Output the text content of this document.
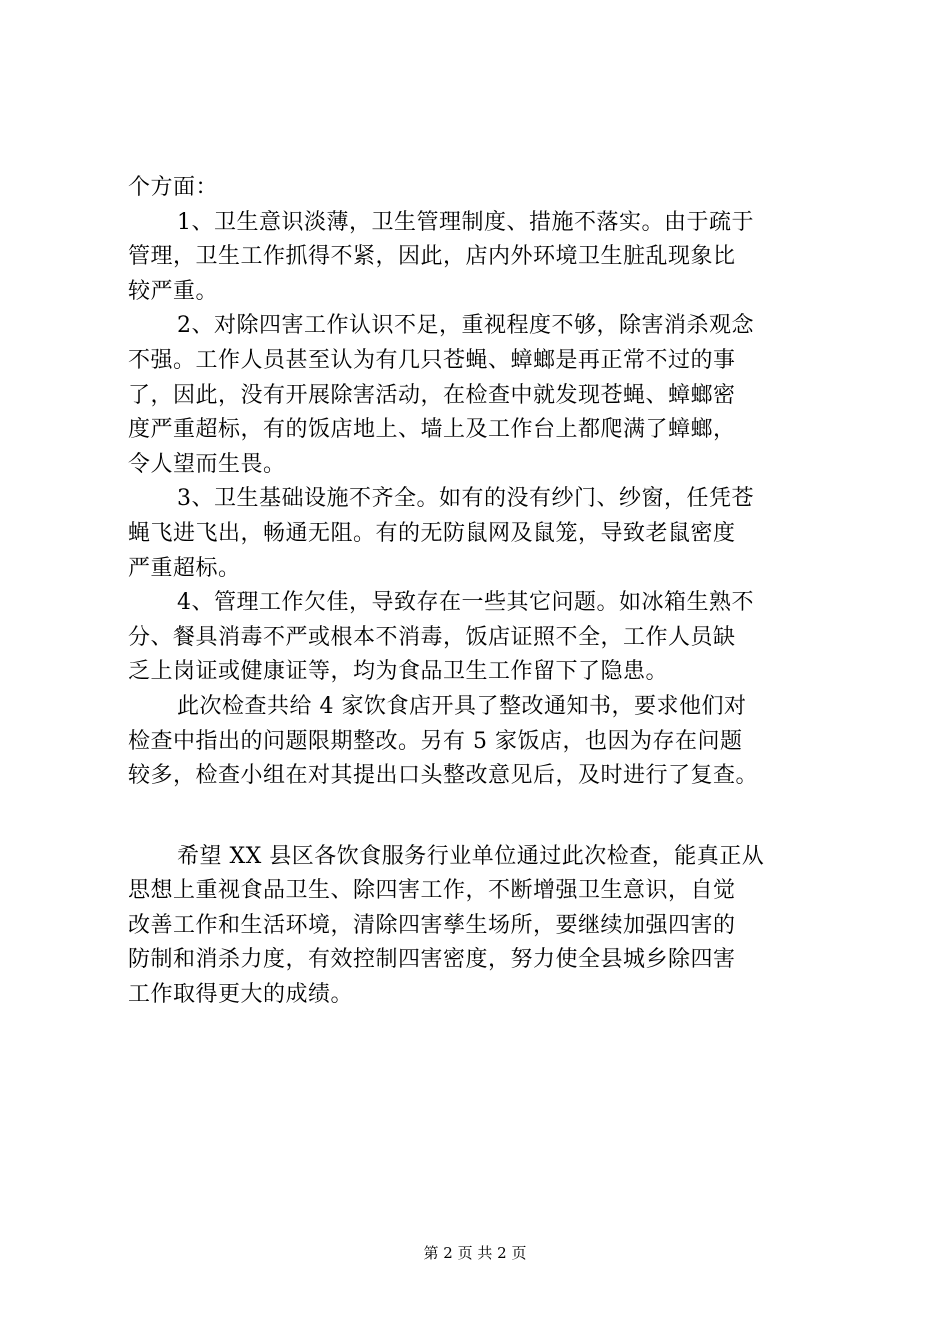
个方面：
1、卫生意识淡薄，卫生管理制度、措施不落实。由于疏于
管理，卫生工作抓得不紧，因此，店内外环境卫生脏乱现象比
较严重。
2、对除四害工作认识不足，重视程度不够，除害消杀观念
不强。工作人员甚至认为有几只苍蝇、蟑螂是再正常不过的事
了，因此，没有开展除害活动，在检查中就发现苍蝇、蟑螂密
度严重超标，有的饭店地上、墙上及工作台上都爬满了蟑螂，
令人望而生畏。
3、卫生基础设施不齐全。如有的没有纱门、纱窗，任凭苍
蝇飞进飞出，畅通无阻。有的无防鼠网及鼠笼，导致老鼠密度
严重超标。
4、管理工作欠佳，导致存在一些其它问题。如冰箱生熟不
分、餐具消毒不严或根本不消毒，饭店证照不全，工作人员缺
乏上岗证或健康证等，均为食品卫生工作留下了隐患。
此次检查共给 4 家饮食店开具了整改通知书，要求他们对
检查中指出的问题限期整改。另有 5 家饭店，也因为存在问题
较多，检查小组在对其提出口头整改意见后，及时进行了复查。
希望 XX 县区各饮食服务行业单位通过此次检查，能真正从
思想上重视食品卫生、除四害工作，不断增强卫生意识，自觉
改善工作和生活环境，清除四害孳生场所，要继续加强四害的
防制和消杀力度，有效控制四害密度，努力使全县城乡除四害
工作取得更大的成绩。
第 2 页 共 2 页
